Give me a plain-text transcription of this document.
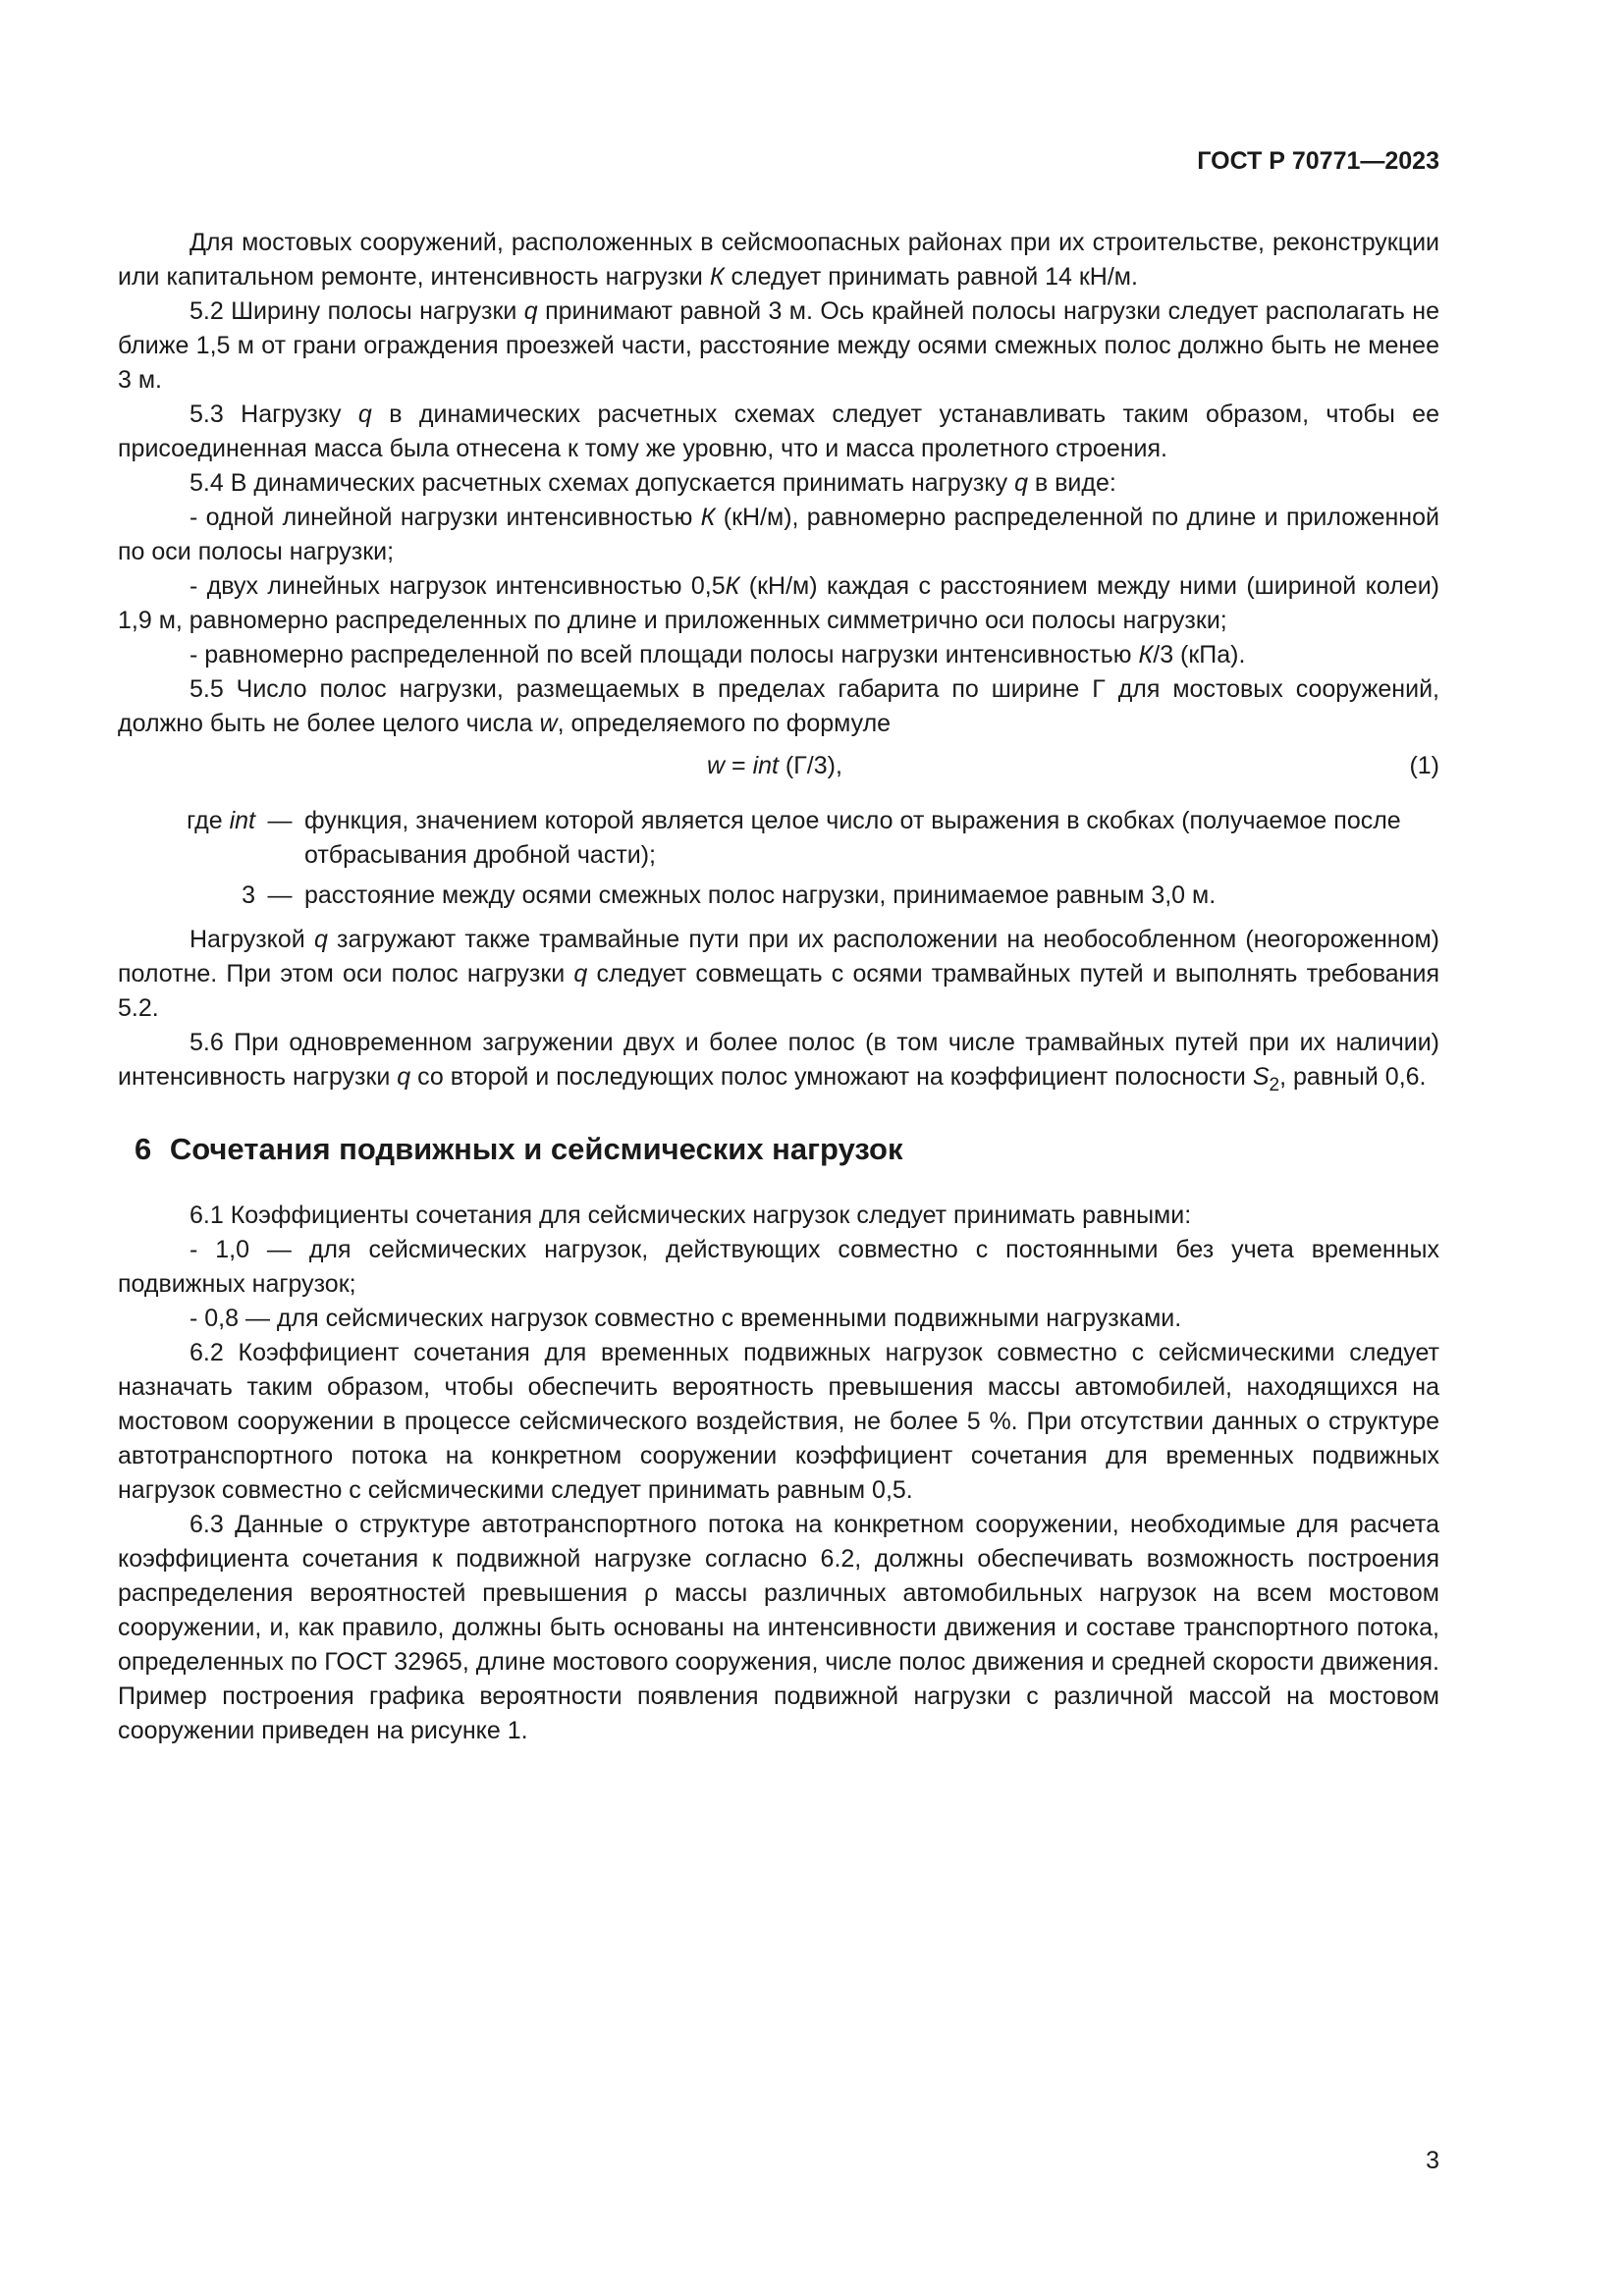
ГОСТ Р 70771—2023

Для мостовых сооружений, расположенных в сейсмоопасных районах при их строительстве, реконструкции или капитальном ремонте, интенсивность нагрузки К следует принимать равной 14 кН/м.

5.2 Ширину полосы нагрузки q принимают равной 3 м. Ось крайней полосы нагрузки следует располагать не ближе 1,5 м от грани ограждения проезжей части, расстояние между осями смежных полос должно быть не менее 3 м.

5.3 Нагрузку q в динамических расчетных схемах следует устанавливать таким образом, чтобы ее присоединенная масса была отнесена к тому же уровню, что и масса пролетного строения.

5.4 В динамических расчетных схемах допускается принимать нагрузку q в виде:

- одной линейной нагрузки интенсивностью К (кН/м), равномерно распределенной по длине и приложенной по оси полосы нагрузки;

- двух линейных нагрузок интенсивностью 0,5К (кН/м) каждая с расстоянием между ними (шириной колеи) 1,9 м, равномерно распределенных по длине и приложенных симметрично оси полосы нагрузки;

- равномерно распределенной по всей площади полосы нагрузки интенсивностью К/3 (кПа).

5.5 Число полос нагрузки, размещаемых в пределах габарита по ширине Г для мостовых сооружений, должно быть не более целого числа w, определяемого по формуле

w = int (Г/3),	(1)
где int — функция, значением которой является целое число от выражения в скобках (получаемое после отбрасывания дробной части);
3 — расстояние между осями смежных полос нагрузки, принимаемое равным 3,0 м.

Нагрузкой q загружают также трамвайные пути при их расположении на необособленном (неогороженном) полотне. При этом оси полос нагрузки q следует совмещать с осями трамвайных путей и выполнять требования 5.2.

5.6 При одновременном загружении двух и более полос (в том числе трамвайных путей при их наличии) интенсивность нагрузки q со второй и последующих полос умножают на коэффициент полосности $S_2$, равный 0,6.

6 Сочетания подвижных и сейсмических нагрузок

6.1 Коэффициенты сочетания для сейсмических нагрузок следует принимать равными:

- 1,0 — для сейсмических нагрузок, действующих совместно с постоянными без учета временных подвижных нагрузок;

- 0,8 — для сейсмических нагрузок совместно с временными подвижными нагрузками.

6.2 Коэффициент сочетания для временных подвижных нагрузок совместно с сейсмическими следует назначать таким образом, чтобы обеспечить вероятность превышения массы автомобилей, находящихся на мостовом сооружении в процессе сейсмического воздействия, не более 5 %. При отсутствии данных о структуре автотранспортного потока на конкретном сооружении коэффициент сочетания для временных подвижных нагрузок совместно с сейсмическими следует принимать равным 0,5.

6.3 Данные о структуре автотранспортного потока на конкретном сооружении, необходимые для расчета коэффициента сочетания к подвижной нагрузке согласно 6.2, должны обеспечивать возможность построения распределения вероятностей превышения ρ массы различных автомобильных нагрузок на всем мостовом сооружении, и, как правило, должны быть основаны на интенсивности движения и составе транспортного потока, определенных по ГОСТ 32965, длине мостового сооружения, числе полос движения и средней скорости движения. Пример построения графика вероятности появления подвижной нагрузки с различной массой на мостовом сооружении приведен на рисунке 1.

3
